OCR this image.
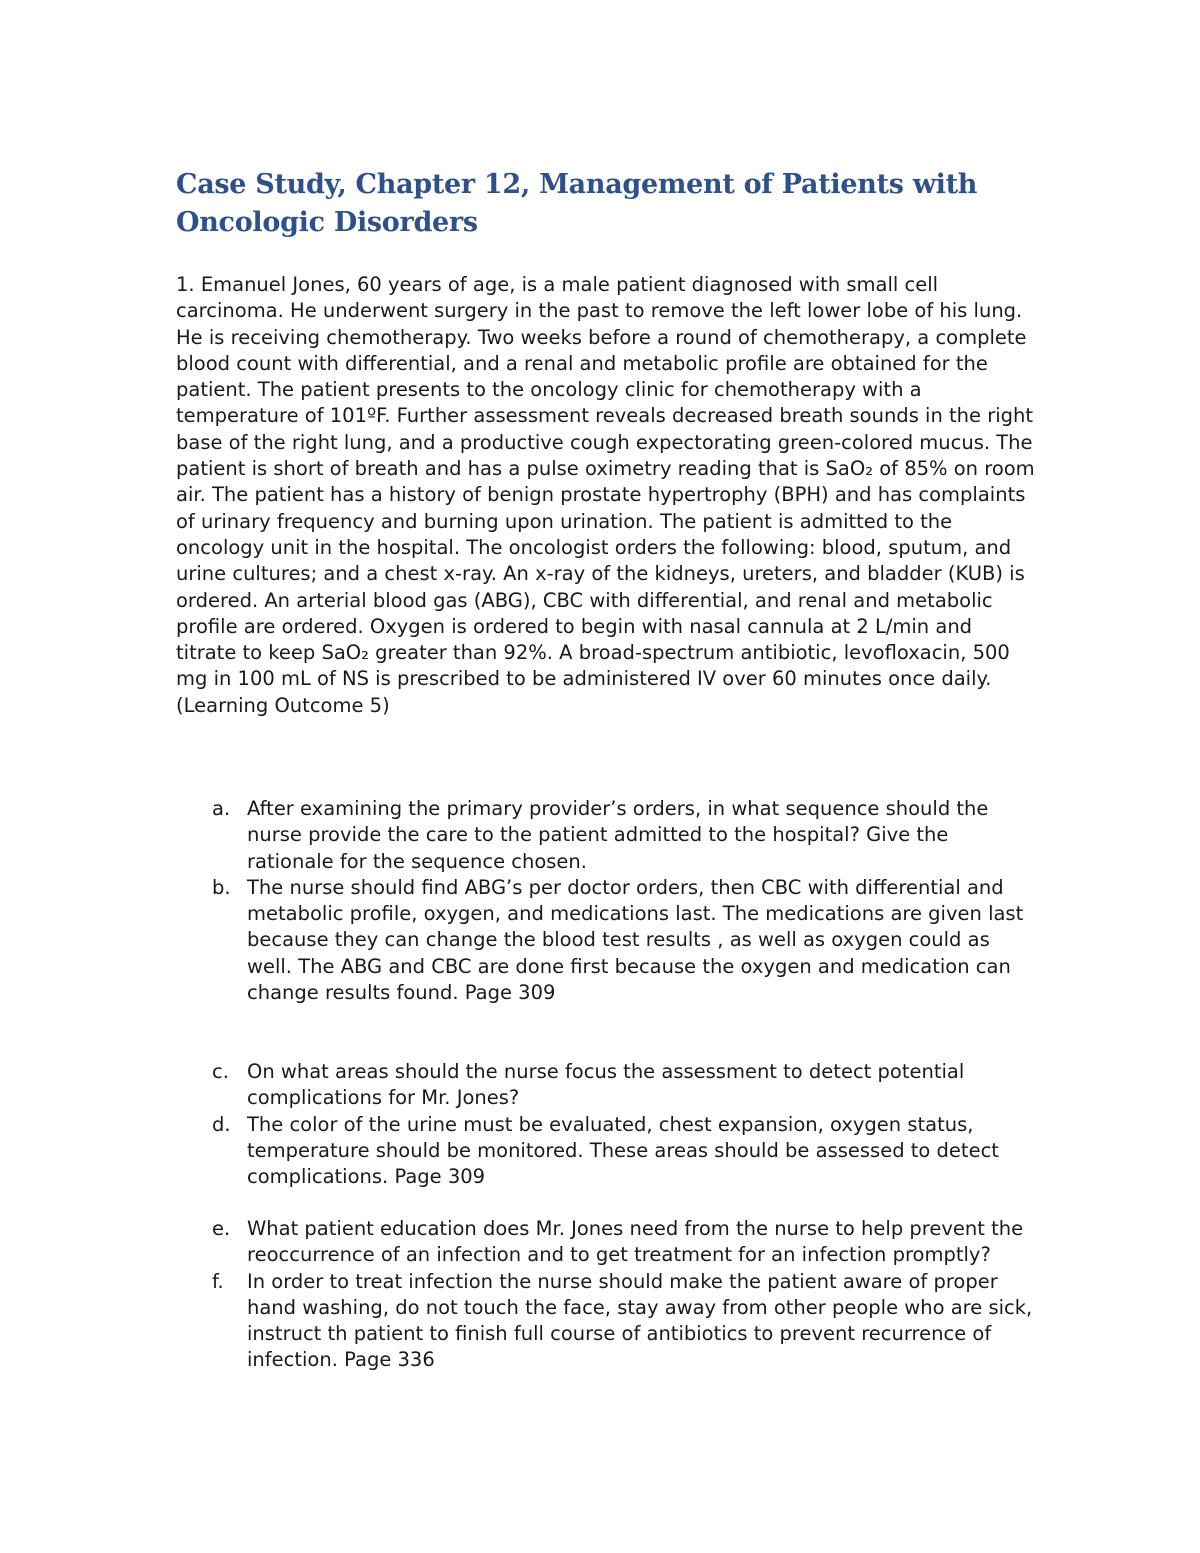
Case Study, Chapter 12, Management of Patients with Oncologic Disorders

1. Emanuel Jones, 60 years of age, is a male patient diagnosed with small cell carcinoma. He underwent surgery in the past to remove the left lower lobe of his lung. He is receiving chemotherapy. Two weeks before a round of chemotherapy, a complete blood count with differential, and a renal and metabolic profile are obtained for the patient. The patient presents to the oncology clinic for chemotherapy with a temperature of 101ºF. Further assessment reveals decreased breath sounds in the right base of the right lung, and a productive cough expectorating green-colored mucus. The patient is short of breath and has a pulse oximetry reading that is SaO₂ of 85% on room air. The patient has a history of benign prostate hypertrophy (BPH) and has complaints of urinary frequency and burning upon urination. The patient is admitted to the oncology unit in the hospital. The oncologist orders the following: blood, sputum, and urine cultures; and a chest x-ray. An x-ray of the kidneys, ureters, and bladder (KUB) is ordered. An arterial blood gas (ABG), CBC with differential, and renal and metabolic profile are ordered. Oxygen is ordered to begin with nasal cannula at 2 L/min and titrate to keep SaO₂ greater than 92%. A broad-spectrum antibiotic, levofloxacin, 500 mg in 100 mL of NS is prescribed to be administered IV over 60 minutes once daily. (Learning Outcome 5)

a. After examining the primary provider’s orders, in what sequence should the nurse provide the care to the patient admitted to the hospital? Give the rationale for the sequence chosen.
b. The nurse should find ABG’s per doctor orders, then CBC with differential and metabolic profile, oxygen, and medications last. The medications are given last because they can change the blood test results , as well as oxygen could as well. The ABG and CBC are done first because the oxygen and medication can change results found. Page 309
c. On what areas should the nurse focus the assessment to detect potential complications for Mr. Jones?
d. The color of the urine must be evaluated, chest expansion, oxygen status, temperature should be monitored. These areas should be assessed to detect complications. Page 309
e. What patient education does Mr. Jones need from the nurse to help prevent the reoccurrence of an infection and to get treatment for an infection promptly?
f. In order to treat infection the nurse should make the patient aware of proper hand washing, do not touch the face, stay away from other people who are sick, instruct th patient to finish full course of antibiotics to prevent recurrence of infection. Page 336
